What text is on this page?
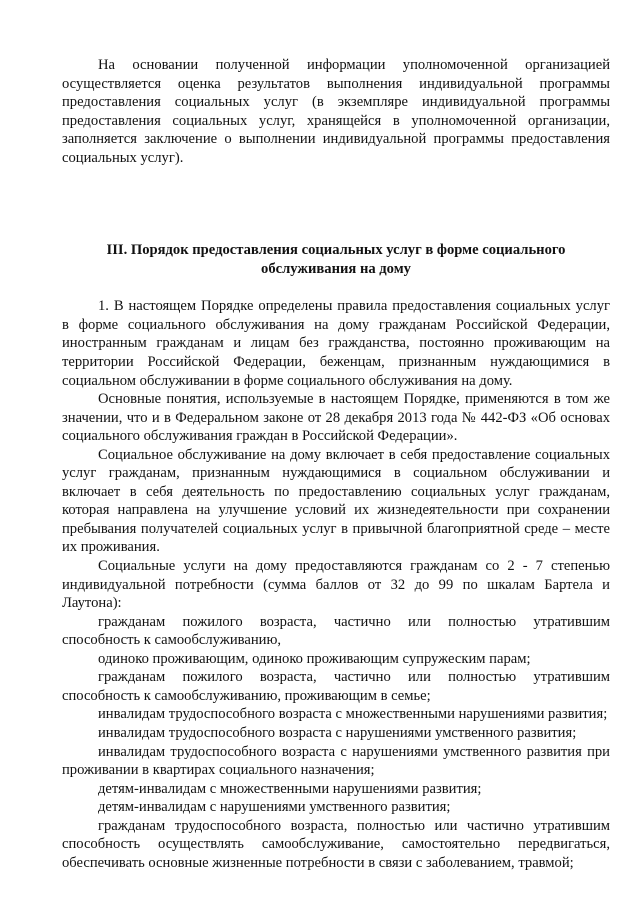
На основании полученной информации уполномоченной организацией осуществляется оценка результатов выполнения индивидуальной программы предоставления социальных услуг (в экземпляре индивидуальной программы предоставления социальных услуг, хранящейся в уполномоченной организации, заполняется заключение о выполнении индивидуальной программы предоставления социальных услуг).

III. Порядок предоставления социальных услуг в форме социального обслуживания на дому

1. В настоящем Порядке определены правила предоставления социальных услуг в форме социального обслуживания на дому гражданам Российской Федерации, иностранным гражданам и лицам без гражданства, постоянно проживающим на территории Российской Федерации, беженцам, признанным нуждающимися в социальном обслуживании в форме социального обслуживания на дому.

Основные понятия, используемые в настоящем Порядке, применяются в том же значении, что и в Федеральном законе от 28 декабря 2013 года № 442-ФЗ «Об основах социального обслуживания граждан в Российской Федерации».

Социальное обслуживание на дому включает в себя предоставление социальных услуг гражданам, признанным нуждающимися в социальном обслуживании и включает в себя деятельность по предоставлению социальных услуг гражданам, которая направлена на улучшение условий их жизнедеятельности при сохранении пребывания получателей социальных услуг в привычной благоприятной среде – месте их проживания.

Социальные услуги на дому предоставляются гражданам со 2 - 7 степенью индивидуальной потребности (сумма баллов от 32 до 99 по шкалам Бартела и Лаутона):

гражданам пожилого возраста, частично или полностью утратившим способность к самообслуживанию,

одиноко проживающим, одиноко проживающим супружеским парам;

гражданам пожилого возраста, частично или полностью утратившим способность к самообслуживанию, проживающим в семье;

инвалидам трудоспособного возраста с множественными нарушениями развития;

инвалидам трудоспособного возраста с нарушениями умственного развития;

инвалидам трудоспособного возраста с нарушениями умственного развития при проживании в квартирах социального назначения;

детям-инвалидам с множественными нарушениями развития;

детям-инвалидам с нарушениями умственного развития;

гражданам трудоспособного возраста, полностью или частично утратившим способность осуществлять самообслуживание, самостоятельно передвигаться, обеспечивать основные жизненные потребности в связи с заболеванием, травмой;
